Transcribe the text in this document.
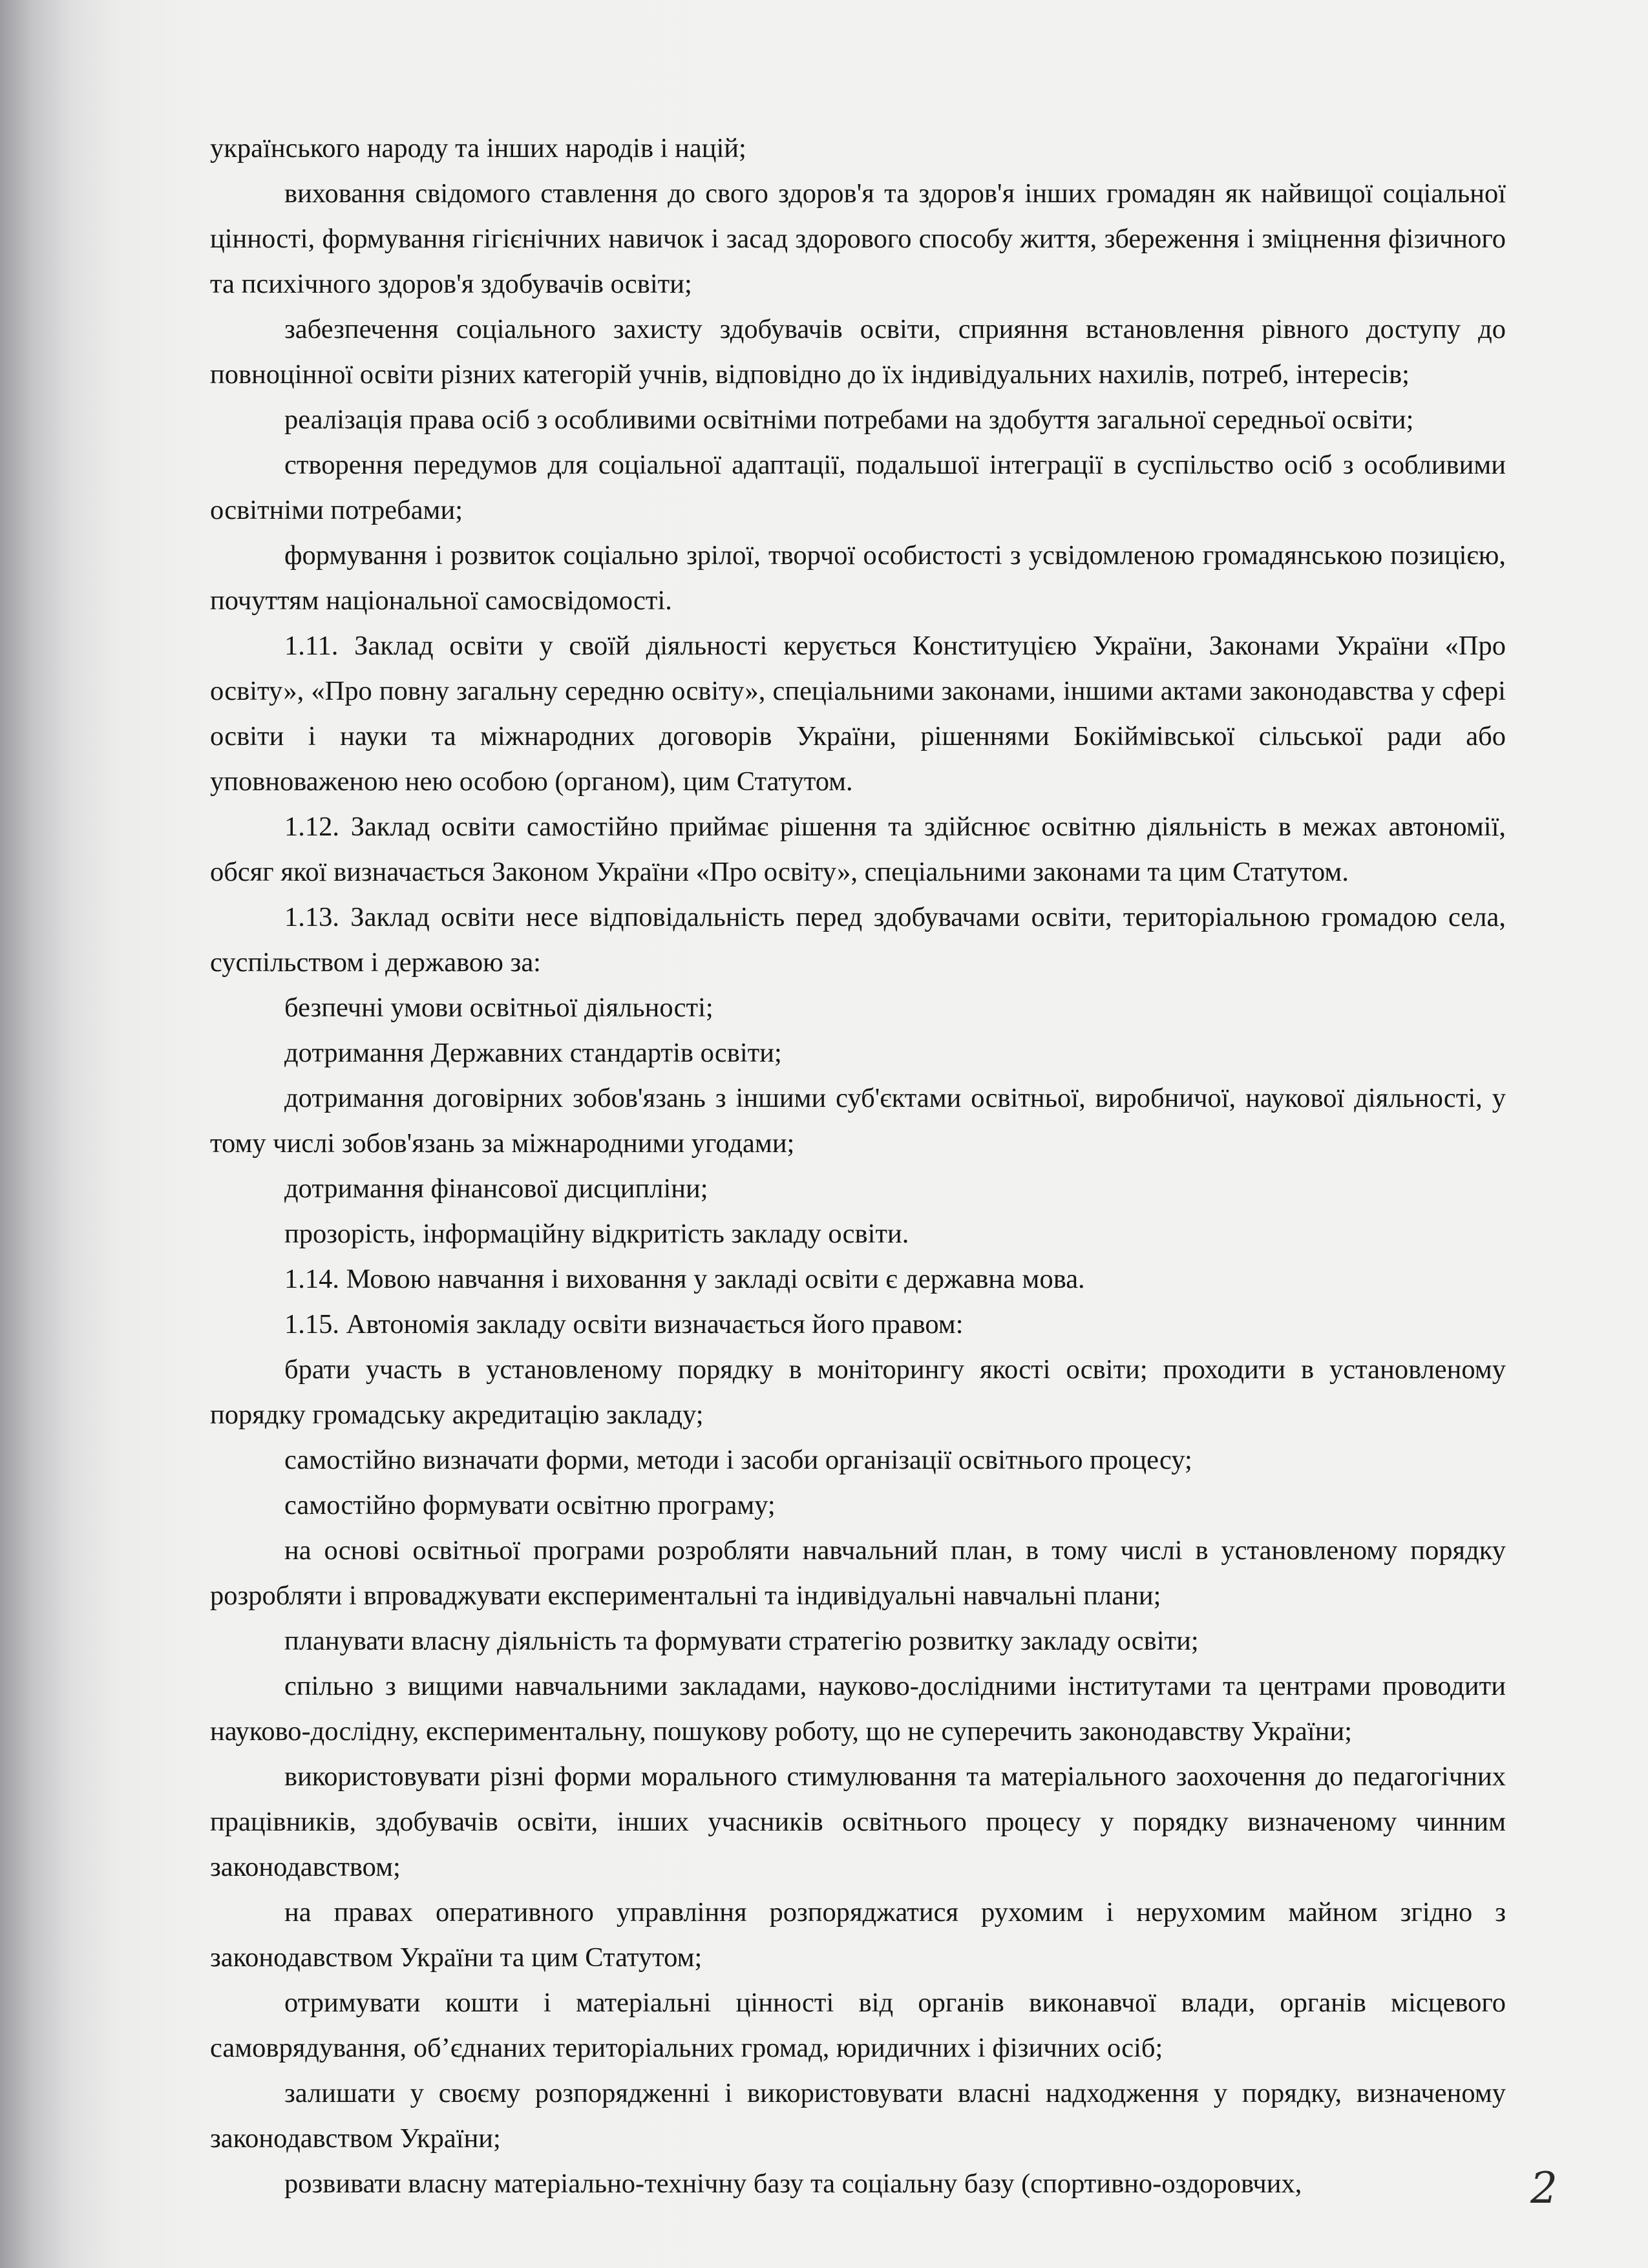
українського народу та інших народів і націй;

виховання свідомого ставлення до свого здоров'я та здоров'я інших громадян як найвищої соціальної цінності, формування гігієнічних навичок і засад здорового способу життя, збереження і зміцнення фізичного та психічного здоров'я здобувачів освіти;

забезпечення соціального захисту здобувачів освіти, сприяння встановлення рівного доступу до повноцінної освіти різних категорій учнів, відповідно до їх індивідуальних нахилів, потреб, інтересів;

реалізація права осіб з особливими освітніми потребами на здобуття загальної середньої освіти;

створення передумов для соціальної адаптації, подальшої інтеграції в суспільство осіб з особливими освітніми потребами;

формування і розвиток соціально зрілої, творчої особистості з усвідомленою громадянською позицією, почуттям національної самосвідомості.

1.11. Заклад освіти у своїй діяльності керується Конституцією України, Законами України «Про освіту», «Про повну загальну середню освіту», спеціальними законами, іншими актами законодавства у сфері освіти і науки та міжнародних договорів України, рішеннями Бокіймівської сільської ради або уповноваженою нею особою (органом), цим Статутом.

1.12. Заклад освіти самостійно приймає рішення та здійснює освітню діяльність в межах автономії, обсяг якої визначається Законом України «Про освіту», спеціальними законами та цим Статутом.

1.13. Заклад освіти несе відповідальність перед здобувачами освіти, територіальною громадою села, суспільством і державою за:

безпечні умови освітньої діяльності;

дотримання Державних стандартів освіти;

дотримання договірних зобов'язань з іншими суб'єктами освітньої, виробничої, наукової діяльності, у тому числі зобов'язань за міжнародними угодами;

дотримання фінансової дисципліни;

прозорість, інформаційну відкритість закладу освіти.

1.14. Мовою навчання і виховання у закладі освіти є державна мова.

1.15. Автономія закладу освіти визначається його правом:

брати участь в установленому порядку в моніторингу якості освіти; проходити в установленому порядку громадську акредитацію закладу;

самостійно визначати форми, методи і засоби організації освітнього процесу;

самостійно формувати освітню програму;

на основі освітньої програми розробляти навчальний план, в тому числі в установленому порядку розробляти і впроваджувати експериментальні та індивідуальні навчальні плани;

планувати власну діяльність та формувати стратегію розвитку закладу освіти;

спільно з вищими навчальними закладами, науково-дослідними інститутами та центрами проводити науково-дослідну, експериментальну, пошукову роботу, що не суперечить законодавству України;

використовувати різні форми морального стимулювання та матеріального заохочення до педагогічних працівників, здобувачів освіти, інших учасників освітнього процесу у порядку визначеному чинним законодавством;

на правах оперативного управління розпоряджатися рухомим і нерухомим майном згідно з законодавством України та цим Статутом;

отримувати кошти і матеріальні цінності від органів виконавчої влади, органів місцевого самоврядування, об’єднаних територіальних громад, юридичних і фізичних осіб;

залишати у своєму розпорядженні і використовувати власні надходження у порядку, визначеному законодавством України;

розвивати власну матеріально-технічну базу та соціальну базу (спортивно-оздоровчих,	2
